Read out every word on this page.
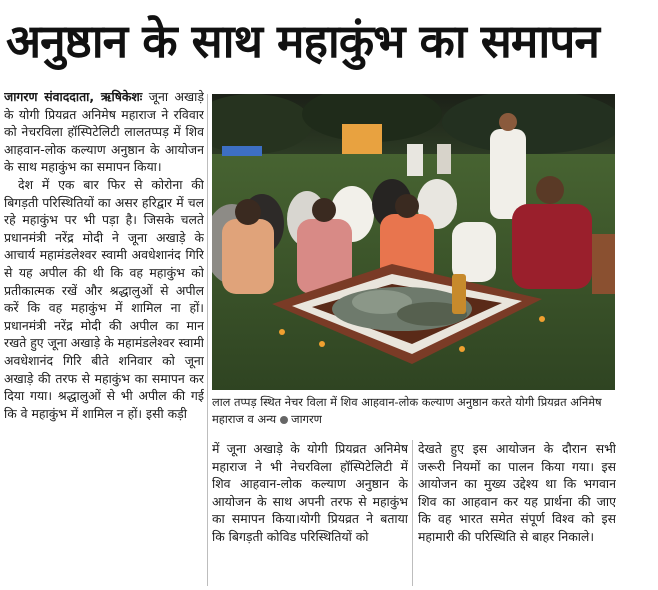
अनुष्ठान के साथ महाकुंभ का समापन

जागरण संवाददाता, ऋषिकेशः जूना अखाड़े के योगी प्रियव्रत अनिमेष महाराज ने रविवार को नेचरविला हॉस्पिटेलिटी लालतप्पड़ में शिव आहवान-लोक कल्याण अनुष्ठान के आयोजन के साथ महाकुंभ का समापन किया।

देश में एक बार फिर से कोरोना की बिगड़ती परिस्थितियों का असर हरिद्वार में चल रहे महाकुंभ पर भी पड़ा है। जिसके चलते प्रधानमंत्री नरेंद्र मोदी ने जूना अखाड़े के आचार्य महामंडलेश्वर स्वामी अवधेशानंद गिरि से यह अपील की थी कि वह महाकुंभ को प्रतीकात्मक रखें और श्रद्धालुओं से अपील करें कि वह महाकुंभ में शामिल ना हों। प्रधानमंत्री नरेंद्र मोदी की अपील का मान रखते हुए जूना अखाड़े के महामंडलेश्वर स्वामी अवधेशानंद गिरि बीते शनिवार को जूना अखाड़े की तरफ से महाकुंभ का समापन कर दिया गया। श्रद्धालुओं से भी अपील की गई कि वे महाकुंभ में शामिल न हों। इसी कड़ी

लाल तप्पड़ स्थित नेचर विला में शिव आहवान-लोक कल्याण अनुष्ठान करते योगी प्रियव्रत अनिमेष महाराज व अन्य जागरण

में जूना अखाड़े के योगी प्रियव्रत अनिमेष महाराज ने भी नेचरविला हॉस्पिटेलिटी में शिव आहवान-लोक कल्याण अनुष्ठान के आयोजन के साथ अपनी तरफ से महाकुंभ का समापन किया।योगी प्रियव्रत ने बताया कि बिगड़ती कोविड परिस्थितियों को

देखते हुए इस आयोजन के दौरान सभी जरूरी नियमों का पालन किया गया। इस आयोजन का मुख्य उद्देश्य था कि भगवान शिव का आहवान कर यह प्रार्थना की जाए कि वह भारत समेत संपूर्ण विश्व को इस महामारी की परिस्थिति से बाहर निकाले।
